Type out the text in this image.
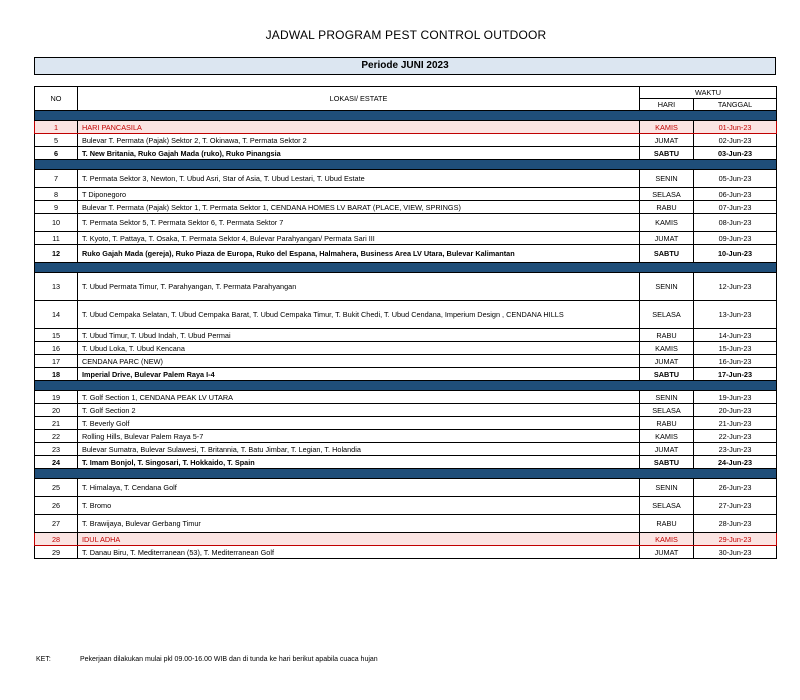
JADWAL PROGRAM PEST CONTROL OUTDOOR
Periode JUNI 2023
NO	LOKASI/ ESTATE	WAKTU	
		HARI	TANGGAL

1	HARI PANCASILA	KAMIS	01-Jun-23
5	Bulevar T. Permata (Pajak) Sektor 2, T. Okinawa, T. Permata Sektor 2	JUMAT	02-Jun-23
6	T. New Britania, Ruko Gajah Mada (ruko), Ruko Pinangsia	SABTU	03-Jun-23

7	T. Permata Sektor 3, Newton, T. Ubud Asri, Star of Asia, T. Ubud Lestari, T. Ubud Estate	SENIN	05-Jun-23
8	T Diponegoro	SELASA	06-Jun-23
9	Bulevar T. Permata (Pajak) Sektor 1, T. Permata Sektor 1, CENDANA HOMES LV BARAT (PLACE, VIEW, SPRINGS)	RABU	07-Jun-23
10	T. Permata Sektor 5, T. Permata Sektor 6, T. Permata Sektor 7	KAMIS	08-Jun-23
11	T. Kyoto, T. Pattaya, T. Osaka, T. Permata Sektor 4, Bulevar Parahyangan/ Permata Sari III	JUMAT	09-Jun-23
12	Ruko Gajah Mada (gereja), Ruko Piaza de Europa, Ruko del Espana, Halmahera, Business Area LV Utara, Bulevar Kalimantan	SABTU	10-Jun-23

13	T. Ubud Permata Timur, T. Parahyangan, T. Permata Parahyangan	SENIN	12-Jun-23
14	T. Ubud Cempaka Selatan, T. Ubud Cempaka Barat, T. Ubud Cempaka Timur, T. Bukit Chedi, T. Ubud Cendana, Imperium Design , CENDANA HILLS	SELASA	13-Jun-23
15	T. Ubud Timur, T. Ubud Indah, T. Ubud Permai	RABU	14-Jun-23
16	T. Ubud Loka, T. Ubud Kencana	KAMIS	15-Jun-23
17	CENDANA PARC (NEW)	JUMAT	16-Jun-23
18	Imperial Drive, Bulevar Palem Raya I-4	SABTU	17-Jun-23

19	T. Golf Section 1, CENDANA PEAK LV UTARA	SENIN	19-Jun-23
20	T. Golf Section 2	SELASA	20-Jun-23
21	T. Beverly Golf	RABU	21-Jun-23
22	Rolling Hills, Bulevar Palem Raya 5-7	KAMIS	22-Jun-23
23	Bulevar Sumatra, Bulevar Sulawesi, T. Britannia, T. Batu Jimbar, T. Legian, T. Holandia	JUMAT	23-Jun-23
24	T. Imam Bonjol, T. Singosari, T. Hokkaido, T. Spain	SABTU	24-Jun-23

25	T. Himalaya, T. Cendana Golf	SENIN	26-Jun-23
26	T. Bromo	SELASA	27-Jun-23
27	T. Brawijaya, Bulevar Gerbang Timur	RABU	28-Jun-23
28	IDUL ADHA	KAMIS	29-Jun-23
29	T. Danau Biru, T. Mediterranean (53), T. Mediterranean Golf	JUMAT	30-Jun-23
KET:	Pekerjaan dilakukan mulai pkl 09.00-16.00 WIB dan di tunda ke hari berikut apabila cuaca hujan
